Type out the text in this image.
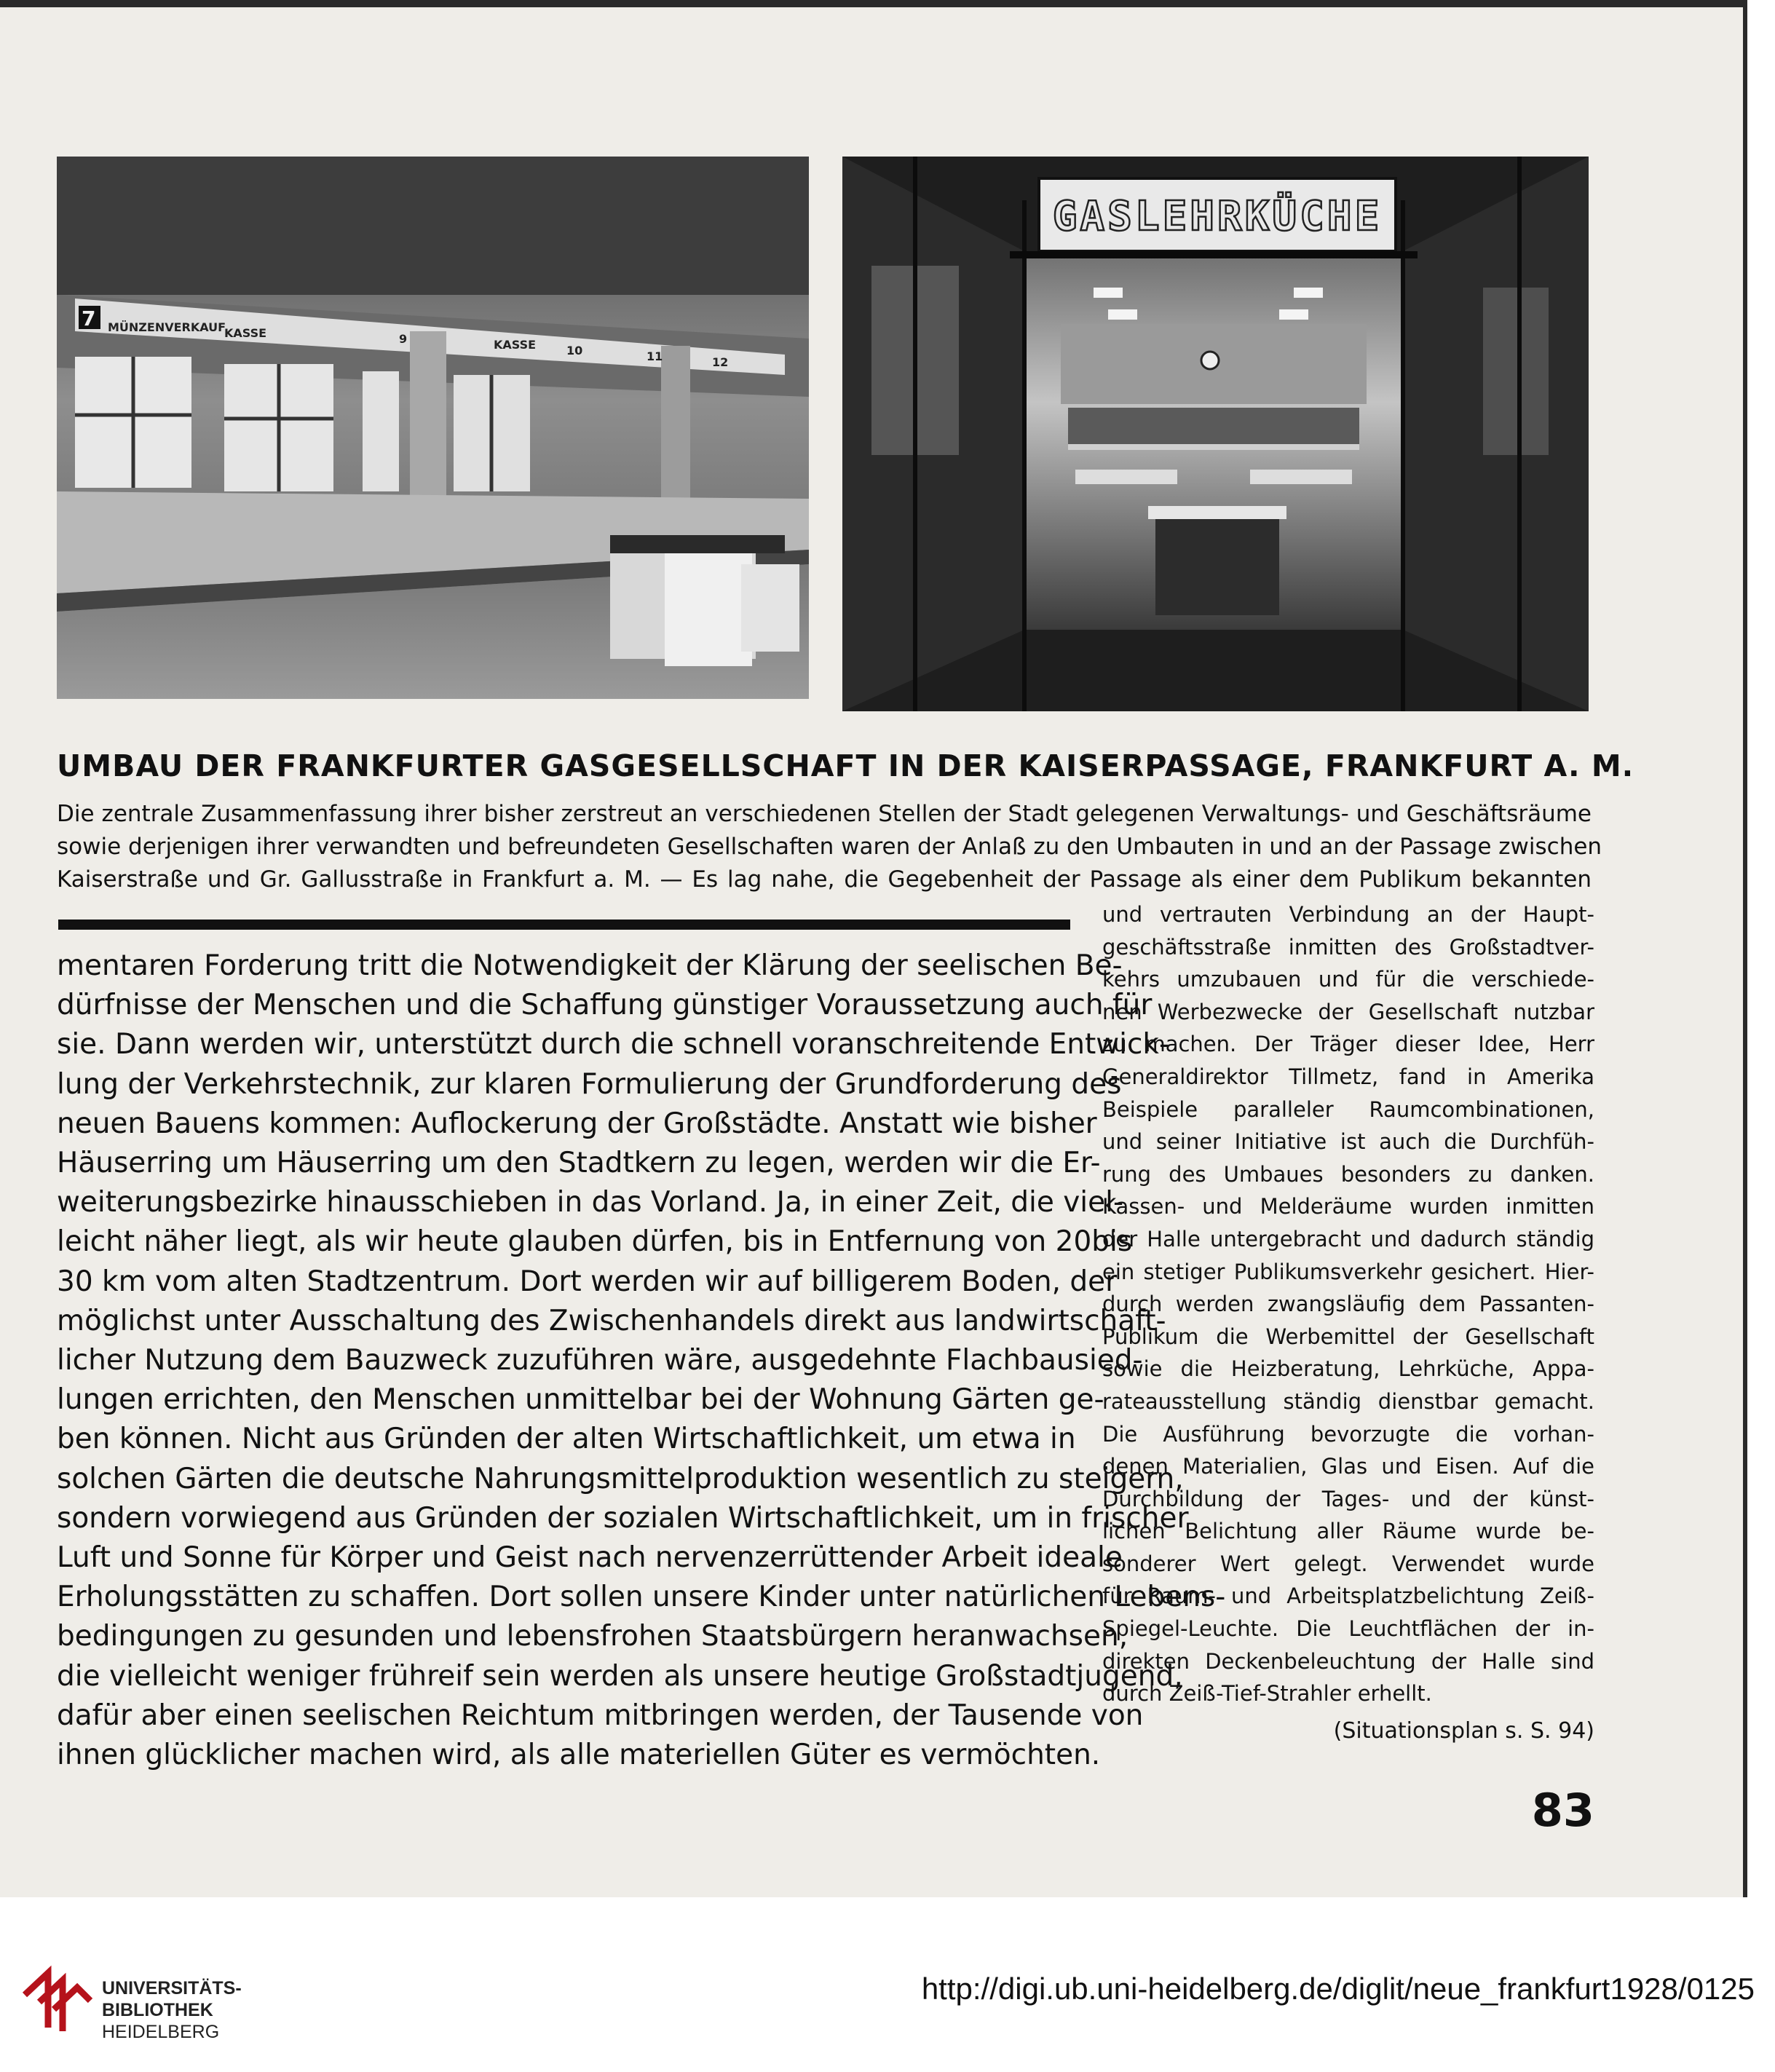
7 MÜNZENVERKAUF
KASSE	9	KASSE	10	11	12
GASLEHRKÜCHE
UMBAU DER FRANKFURTER GASGESELLSCHAFT IN DER KAISERPASSAGE, FRANKFURT A. M.

Die zentrale Zusammenfassung ihrer bisher zerstreut an verschiedenen Stellen der Stadt gelegenen Verwaltungs- und Geschäftsräume

sowie derjenigen ihrer verwandten und befreundeten Gesellschaften waren der Anlaß zu den Umbauten in und an der Passage zwischen

Kaiserstraße und Gr. Gallusstraße in Frankfurt a. M. — Es lag nahe, die Gegebenheit der Passage als einer dem Publikum bekannten

mentaren Forderung tritt die Notwendigkeit der Klärung der seelischen Be-

dürfnisse der Menschen und die Schaffung günstiger Voraussetzung auch für

sie. Dann werden wir, unterstützt durch die schnell voranschreitende Entwick-

lung der Verkehrstechnik, zur klaren Formulierung der Grundforderung des

neuen Bauens kommen: Auflockerung der Großstädte. Anstatt wie bisher

Häuserring um Häuserring um den Stadtkern zu legen, werden wir die Er-

weiterungsbezirke hinausschieben in das Vorland. Ja, in einer Zeit, die viel-

leicht näher liegt, als wir heute glauben dürfen, bis in Entfernung von 20bis

30 km vom alten Stadtzentrum. Dort werden wir auf billigerem Boden, der

möglichst unter Ausschaltung des Zwischenhandels direkt aus landwirtschaft-

licher Nutzung dem Bauzweck zuzuführen wäre, ausgedehnte Flachbausied-

lungen errichten, den Menschen unmittelbar bei der Wohnung Gärten ge-

ben können. Nicht aus Gründen der alten Wirtschaftlichkeit, um etwa in

solchen Gärten die deutsche Nahrungsmittelproduktion wesentlich zu steigern,

sondern vorwiegend aus Gründen der sozialen Wirtschaftlichkeit, um in frischer

Luft und Sonne für Körper und Geist nach nervenzerrüttender Arbeit ideale

Erholungsstätten zu schaffen. Dort sollen unsere Kinder unter natürlichen Lebens-

bedingungen zu gesunden und lebensfrohen Staatsbürgern heranwachsen,

die vielleicht weniger frühreif sein werden als unsere heutige Großstadtjugend,

dafür aber einen seelischen Reichtum mitbringen werden, der Tausende von

ihnen glücklicher machen wird, als alle materiellen Güter es vermöchten.

und vertrauten Verbindung an der Haupt-

geschäftsstraße inmitten des Großstadtver-

kehrs umzubauen und für die verschiede-

nen Werbezwecke der Gesellschaft nutzbar

zu machen. Der Träger dieser Idee, Herr

Generaldirektor Tillmetz, fand in Amerika

Beispiele paralleler Raumcombinationen,

und seiner Initiative ist auch die Durchfüh-

rung des Umbaues besonders zu danken.

Kassen- und Melderäume wurden inmitten

der Halle untergebracht und dadurch ständig

ein stetiger Publikumsverkehr gesichert. Hier-

durch werden zwangsläufig dem Passanten-

Publikum die Werbemittel der Gesellschaft

sowie die Heizberatung, Lehrküche, Appa-

rateausstellung ständig dienstbar gemacht.

Die Ausführung bevorzugte die vorhan-

denen Materialien, Glas und Eisen. Auf die

Durchbildung der Tages- und der künst-

lichen Belichtung aller Räume wurde be-

sonderer Wert gelegt. Verwendet wurde

für Raum- und Arbeitsplatzbelichtung Zeiß-

Spiegel-Leuchte. Die Leuchtflächen der in-

direkten Deckenbeleuchtung der Halle sind

durch Zeiß-Tief-Strahler erhellt.

(Situationsplan s. S. 94)
83
UNIVERSITÄTS-
BIBLIOTHEK
HEIDELBERG
http://digi.ub.uni-heidelberg.de/diglit/neue_frankfurt1928/0125
